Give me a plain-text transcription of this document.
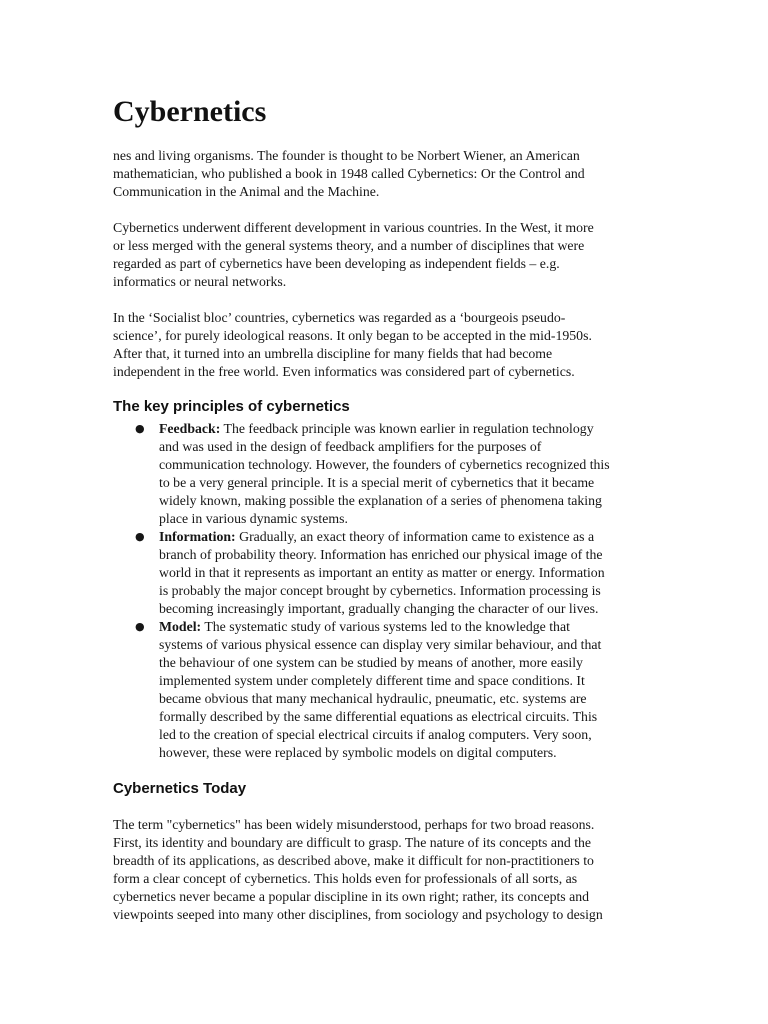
Cybernetics

nes and living organisms. The founder is thought to be Norbert Wiener, an American
mathematician, who published a book in 1948 called Cybernetics: Or the Control and
Communication in the Animal and the Machine.

Cybernetics underwent different development in various countries. In the West, it more
or less merged with the general systems theory, and a number of disciplines that were
regarded as part of cybernetics have been developing as independent fields – e.g.
informatics or neural networks.

In the ‘Socialist bloc’ countries, cybernetics was regarded as a ‘bourgeois pseudo-
science’, for purely ideological reasons. It only began to be accepted in the mid-1950s.
After that, it turned into an umbrella discipline for many fields that had become
independent in the free world. Even informatics was considered part of cybernetics.

The key principles of cybernetics
● Feedback: The feedback principle was known earlier in regulation technology
and was used in the design of feedback amplifiers for the purposes of
communication technology. However, the founders of cybernetics recognized this
to be a very general principle. It is a special merit of cybernetics that it became
widely known, making possible the explanation of a series of phenomena taking
place in various dynamic systems.
● Information: Gradually, an exact theory of information came to existence as a
branch of probability theory. Information has enriched our physical image of the
world in that it represents as important an entity as matter or energy. Information
is probably the major concept brought by cybernetics. Information processing is
becoming increasingly important, gradually changing the character of our lives.
● Model: The systematic study of various systems led to the knowledge that
systems of various physical essence can display very similar behaviour, and that
the behaviour of one system can be studied by means of another, more easily
implemented system under completely different time and space conditions. It
became obvious that many mechanical hydraulic, pneumatic, etc. systems are
formally described by the same differential equations as electrical circuits. This
led to the creation of special electrical circuits if analog computers. Very soon,
however, these were replaced by symbolic models on digital computers.
Cybernetics Today

The term "cybernetics" has been widely misunderstood, perhaps for two broad reasons.
First, its identity and boundary are difficult to grasp. The nature of its concepts and the
breadth of its applications, as described above, make it difficult for non-practitioners to
form a clear concept of cybernetics. This holds even for professionals of all sorts, as
cybernetics never became a popular discipline in its own right; rather, its concepts and
viewpoints seeped into many other disciplines, from sociology and psychology to design
